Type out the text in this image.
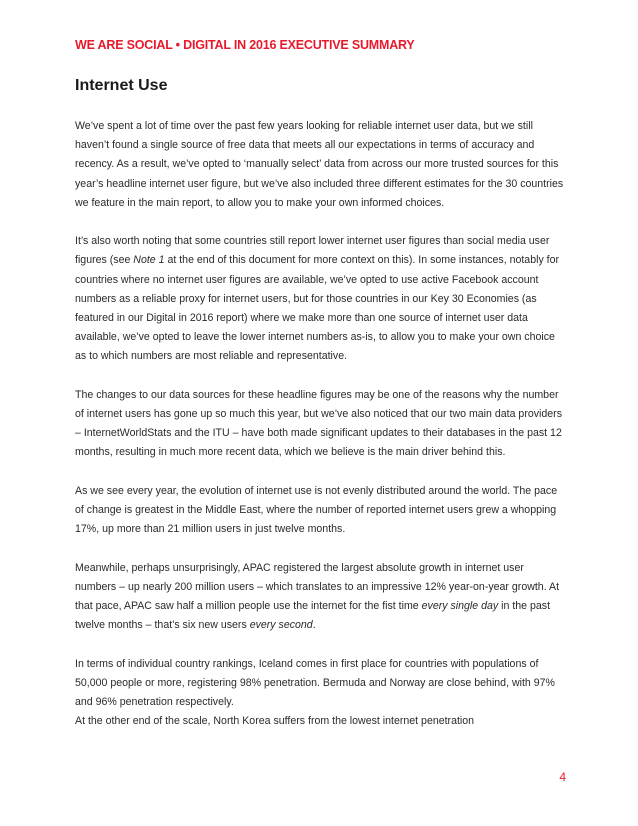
WE ARE SOCIAL • DIGITAL IN 2016 EXECUTIVE SUMMARY
Internet Use

We’ve spent a lot of time over the past few years looking for reliable internet user data, but we still haven’t found a single source of free data that meets all our expectations in terms of accuracy and recency. As a result, we’ve opted to ‘manually select’ data from across our more trusted sources for this year’s headline internet user figure, but we’ve also included three different estimates for the 30 countries we feature in the main report, to allow you to make your own informed choices.

It’s also worth noting that some countries still report lower internet user figures than social media user figures (see Note 1 at the end of this document for more context on this). In some instances, notably for countries where no internet user figures are available, we’ve opted to use active Facebook account numbers as a reliable proxy for internet users, but for those countries in our Key 30 Economies (as featured in our Digital in 2016 report) where we make more than one source of internet user data available, we’ve opted to leave the lower internet numbers as-is, to allow you to make your own choice as to which numbers are most reliable and representative.

The changes to our data sources for these headline figures may be one of the reasons why the number of internet users has gone up so much this year, but we’ve also noticed that our two main data providers – InternetWorldStats and the ITU – have both made significant updates to their databases in the past 12 months, resulting in much more recent data, which we believe is the main driver behind this.

As we see every year, the evolution of internet use is not evenly distributed around the world. The pace of change is greatest in the Middle East, where the number of reported internet users grew a whopping 17%, up more than 21 million users in just twelve months.

Meanwhile, perhaps unsurprisingly, APAC registered the largest absolute growth in internet user numbers – up nearly 200 million users – which translates to an impressive 12% year-on-year growth. At that pace, APAC saw half a million people use the internet for the fist time every single day in the past twelve months – that’s six new users every second.

In terms of individual country rankings, Iceland comes in first place for countries with populations of 50,000 people or more, registering 98% penetration. Bermuda and Norway are close behind, with 97% and 96% penetration respectively.

At the other end of the scale, North Korea suffers from the lowest internet penetration

4
